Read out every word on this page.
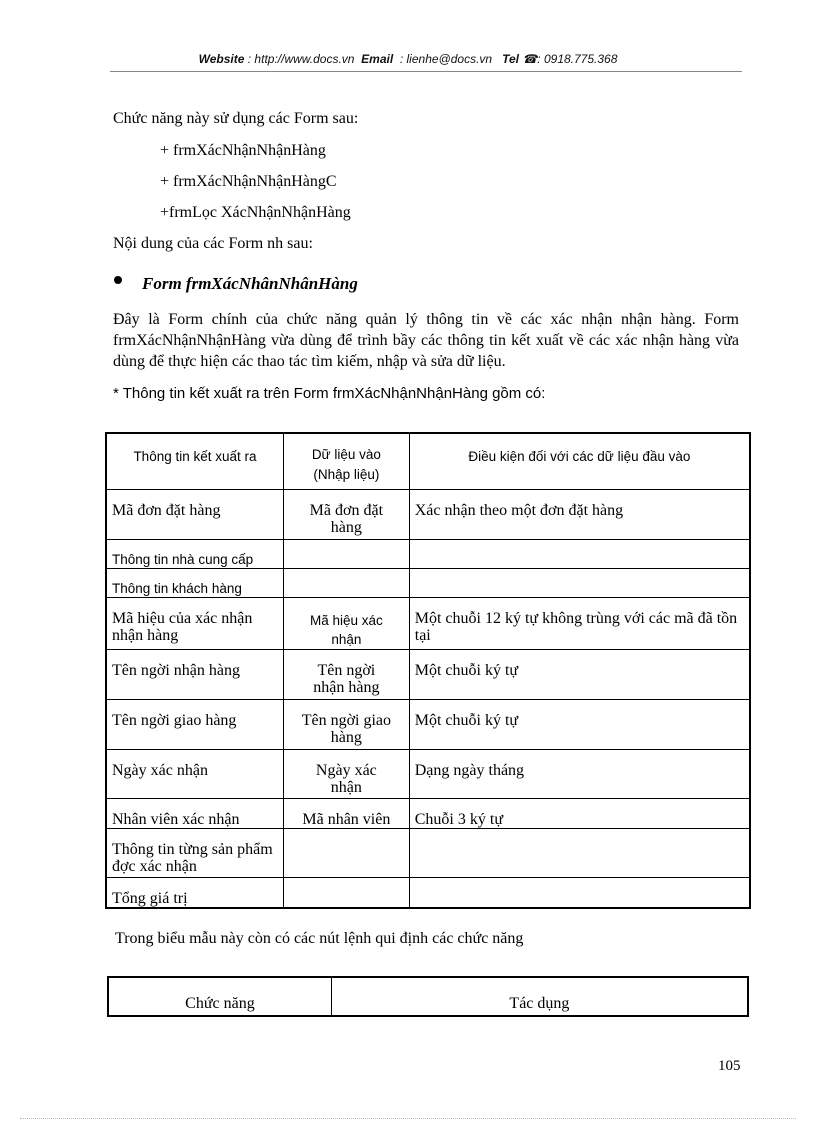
Website : http://www.docs.vn Email : lienhe@docs.vn Tel ☎: 0918.775.368
Chức năng này sử dụng các Form sau:
+ frmXácNhậnNhậnHàng
+ frmXácNhậnNhậnHàngC
+frmLọc XácNhậnNhậnHàng
Nội dung của các Form nh sau:
Form frmXácNhânNhânHàng
Đây là Form chính của chức năng quản lý thông tin về các xác nhận nhận hàng. Form frmXácNhậnNhậnHàng vừa dùng để trình bầy các thông tin kết xuất về các xác nhận hàng vừa dùng để thực hiện các thao tác tìm kiếm, nhập và sửa dữ liệu.
* Thông tin kết xuất ra trên Form frmXácNhậnNhậnHàng gồm có:
Thông tin kết xuất ra	Dữ liệu vào (Nhập liệu)	Điều kiện đối với các dữ liệu đầu vào
Mã đơn đặt hàng	Mã đơn đặt hàng	Xác nhận theo một đơn đặt hàng
Thông tin nhà cung cấp		
Thông tin khách hàng		
Mã hiệu của xác nhận nhận hàng	Mã hiệu xác nhận	Một chuỗi 12 ký tự không trùng với các mã đã tồn tại
Tên ngời nhận hàng	Tên ngời nhận hàng	Một chuỗi ký tự
Tên ngời giao hàng	Tên ngời giao hàng	Một chuỗi ký tự
Ngày xác nhận	Ngày xác nhận	Dạng ngày tháng
Nhân viên xác nhận	Mã nhân viên	Chuỗi 3 ký tự
Thông tin từng sản phẩm đợc xác nhận		
Tổng giá trị		
Trong biểu mẫu này còn có các nút lệnh qui định các chức năng
Chức năng	Tác dụng
105
